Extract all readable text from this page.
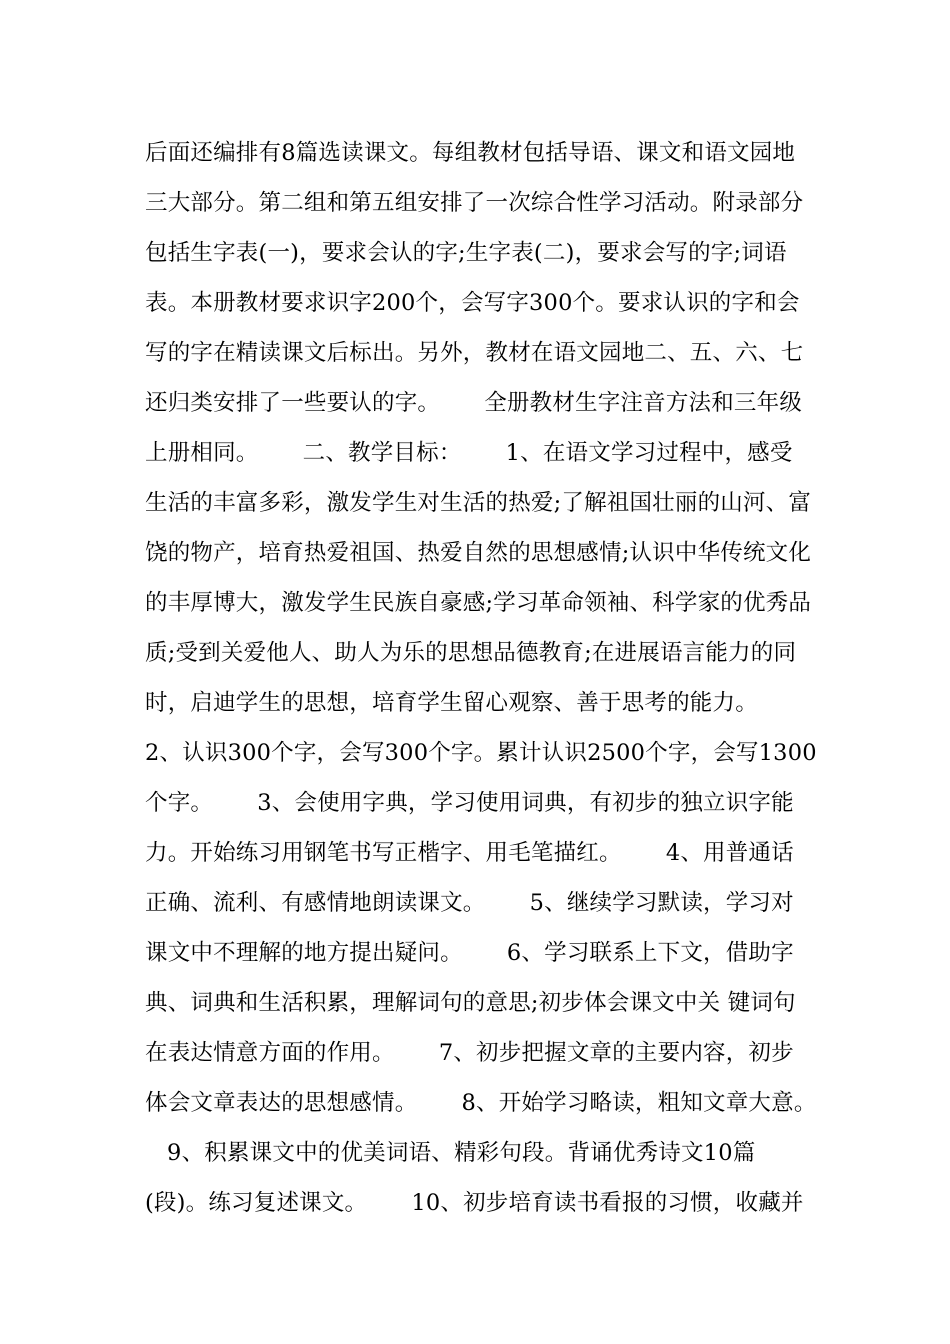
后面还编排有8篇选读课文。每组教材包括导语、课文和语文园地
三大部分。第二组和第五组安排了一次综合性学习活动。附录部分
包括生字表(一)，要求会认的字;生字表(二)，要求会写的字;词语
表。本册教材要求识字200个，会写字300个。要求认识的字和会
写的字在精读课文后标出。另外，教材在语文园地二、五、六、七
还归类安排了一些要认的字。      全册教材生字注音方法和三年级
上册相同。      二、教学目标：      1、在语文学习过程中，感受
生活的丰富多彩，激发学生对生活的热爱;了解祖国壮丽的山河、富
饶的物产，培育热爱祖国、热爱自然的思想感情;认识中华传统文化
的丰厚博大，激发学生民族自豪感;学习革命领袖、科学家的优秀品
质;受到关爱他人、助人为乐的思想品德教育;在进展语言能力的同
时，启迪学生的思想，培育学生留心观察、善于思考的能力。
2、认识300个字，会写300个字。累计认识2500个字，会写1300
个字。      3、会使用字典，学习使用词典，有初步的独立识字能
力。开始练习用钢笔书写正楷字、用毛笔描红。      4、用普通话
正确、流利、有感情地朗读课文。      5、继续学习默读，学习对
课文中不理解的地方提出疑问。      6、学习联系上下文，借助字
典、词典和生活积累，理解词句的意思;初步体会课文中关 键词句
在表达情意方面的作用。      7、初步把握文章的主要内容，初步
体会文章表达的思想感情。      8、开始学习略读，粗知文章大意。
9、积累课文中的优美词语、精彩句段。背诵优秀诗文10篇
(段)。练习复述课文。      10、初步培育读书看报的习惯，收藏并
